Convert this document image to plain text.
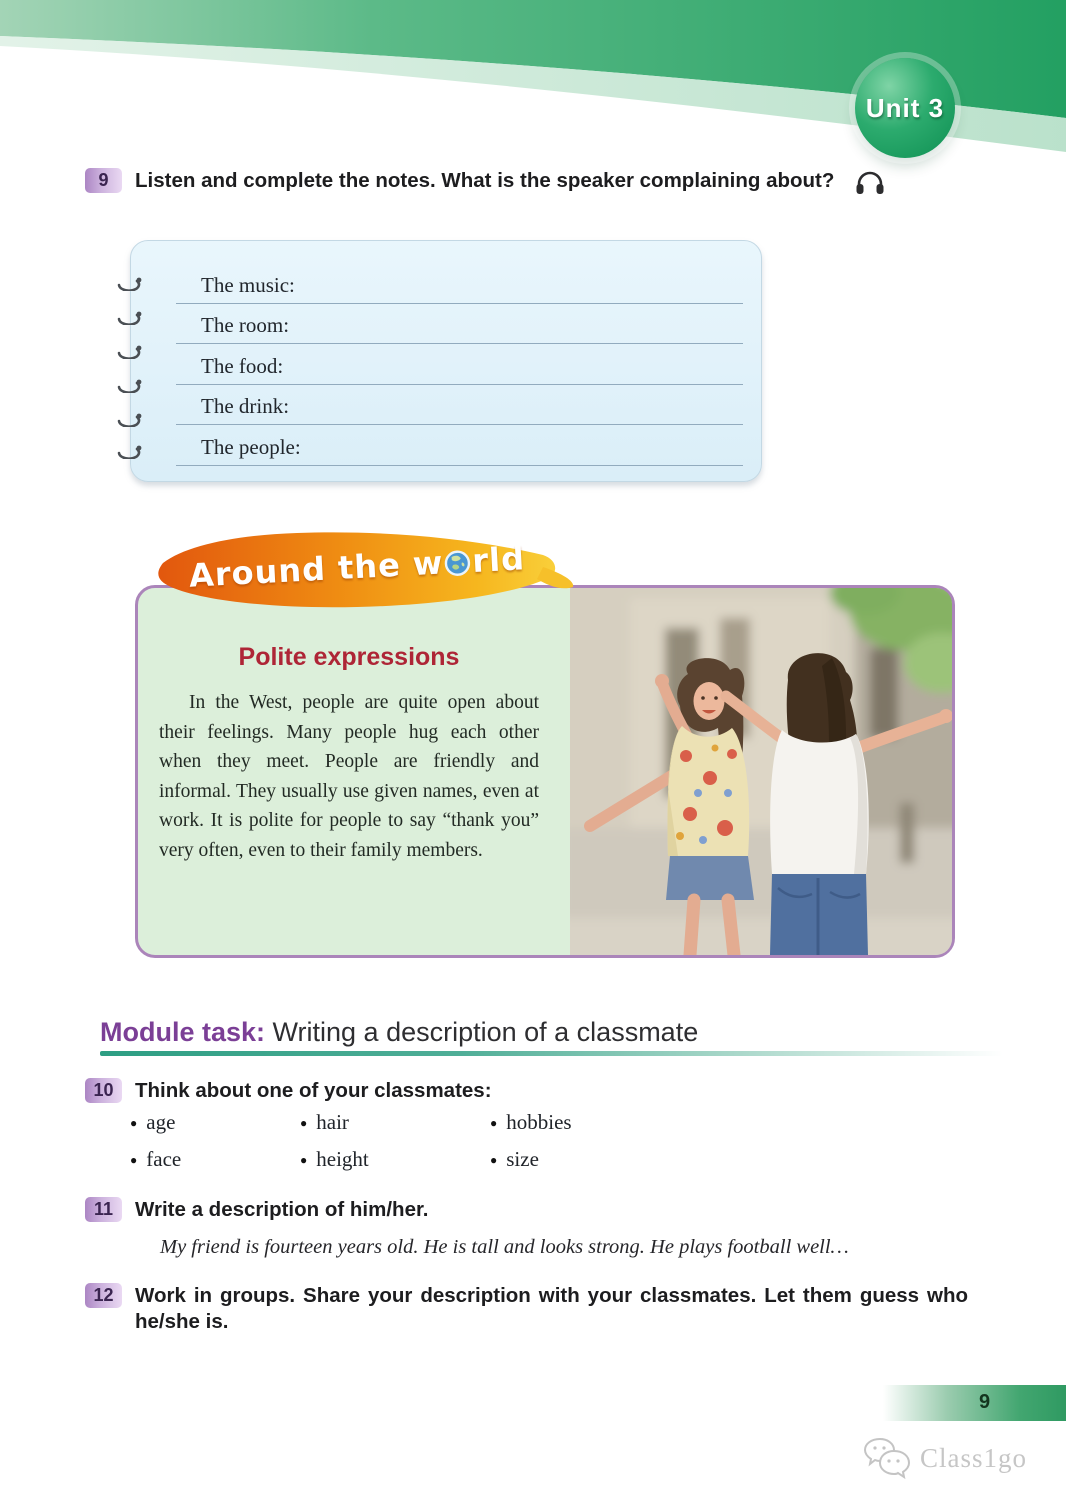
Unit 3
9	Listen and complete the notes. What is the speaker complaining about?
The music:
The room:
The food:
The drink:
The people:
Polite expressions
In the West, people are quite open about their feelings. Many people hug each other when they meet. People are friendly and informal. They usually use given names, even at work. It is polite for people to say “thank you” very often, even to their family members.
Around the w rld
Module task: Writing a description of a classmate
10	Think about one of your classmates:
● age	● hair	● hobbies
● face	● height	● size
11	Write a description of him/her.
My friend is fourteen years old. He is tall and looks strong. He plays football well…
12	Work in groups. Share your description with your classmates. Let them guess who he/she is.
9
Class1go
